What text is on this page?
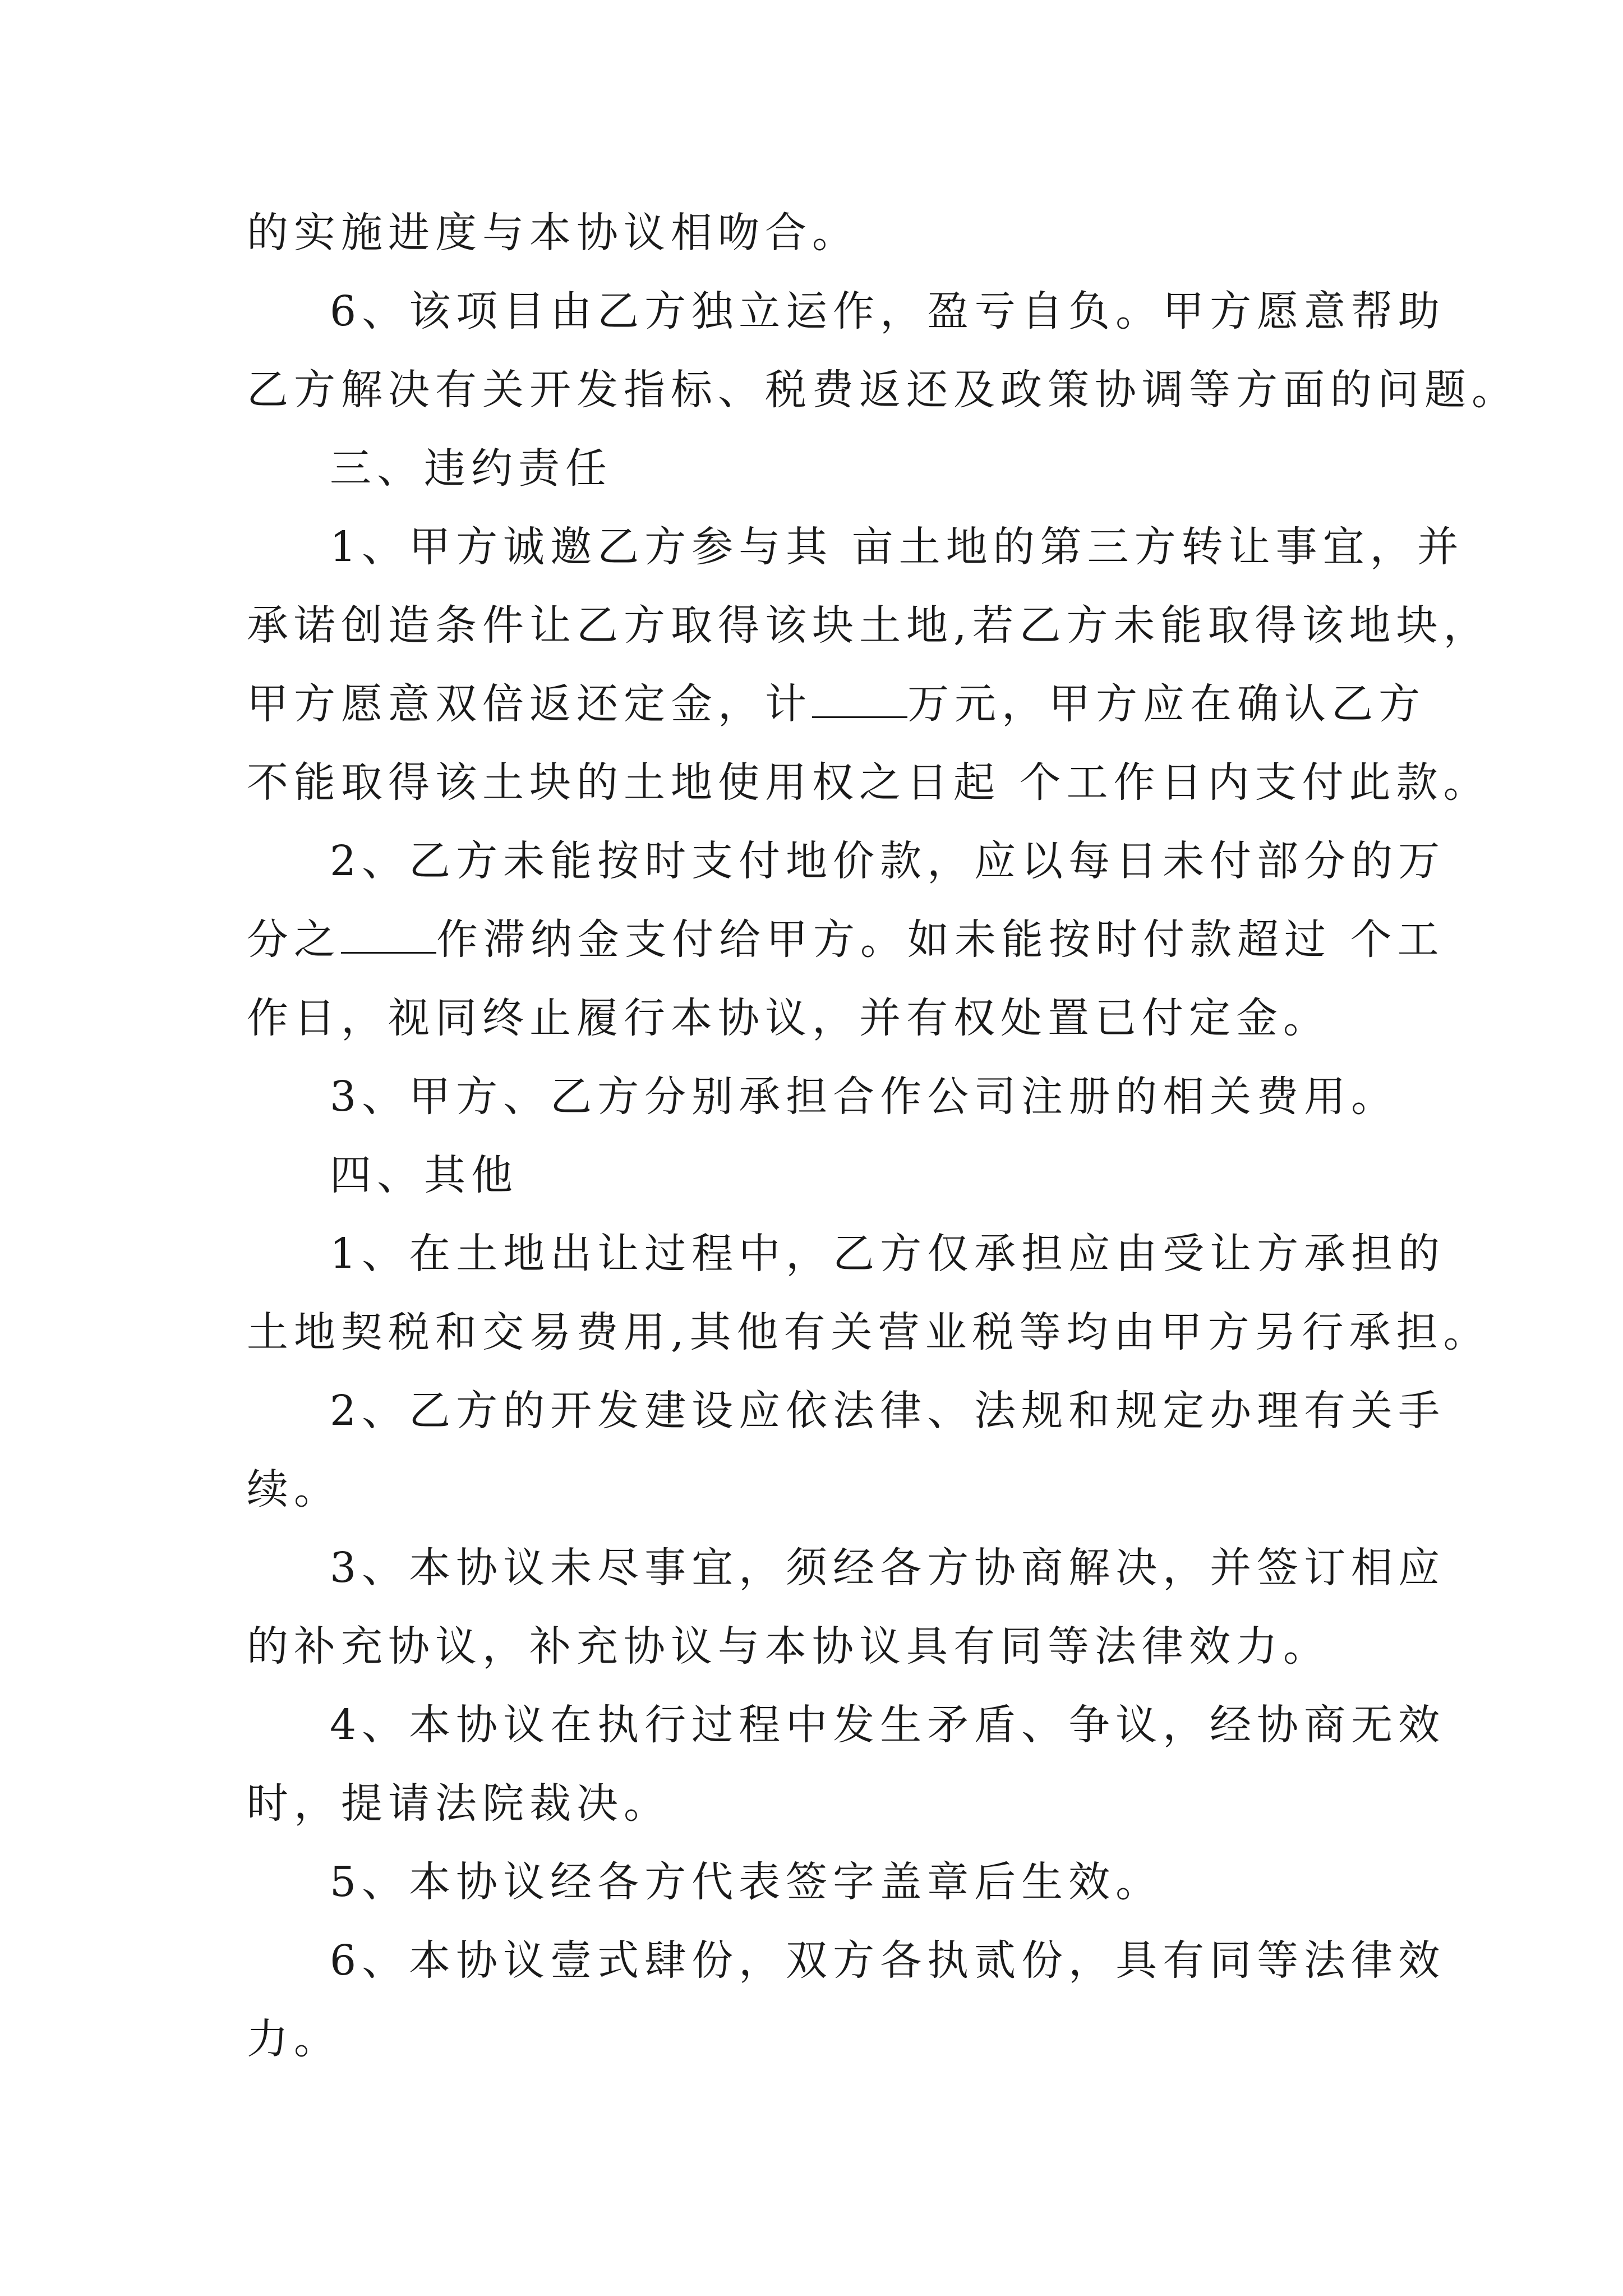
的实施进度与本协议相吻合。
6、该项目由乙方独立运作，盈亏自负。甲方愿意帮助
乙方解决有关开发指标、税费返还及政策协调等方面的问题。
三、违约责任
1、甲方诚邀乙方参与其 亩土地的第三方转让事宜，并
承诺创造条件让乙方取得该块土地,若乙方未能取得该地块，
甲方愿意双倍返还定金，计 万元，甲方应在确认乙方
不能取得该土块的土地使用权之日起 个工作日内支付此款。
2、乙方未能按时支付地价款，应以每日未付部分的万
分之 作滞纳金支付给甲方。如未能按时付款超过 个工
作日，视同终止履行本协议，并有权处置已付定金。
3、甲方、乙方分别承担合作公司注册的相关费用。
四、其他
1、在土地出让过程中，乙方仅承担应由受让方承担的
土地契税和交易费用,其他有关营业税等均由甲方另行承担。
2、乙方的开发建设应依法律、法规和规定办理有关手
续。
3、本协议未尽事宜，须经各方协商解决，并签订相应
的补充协议，补充协议与本协议具有同等法律效力。
4、本协议在执行过程中发生矛盾、争议，经协商无效
时，提请法院裁决。
5、本协议经各方代表签字盖章后生效。
6、本协议壹式肆份，双方各执贰份，具有同等法律效
力。
